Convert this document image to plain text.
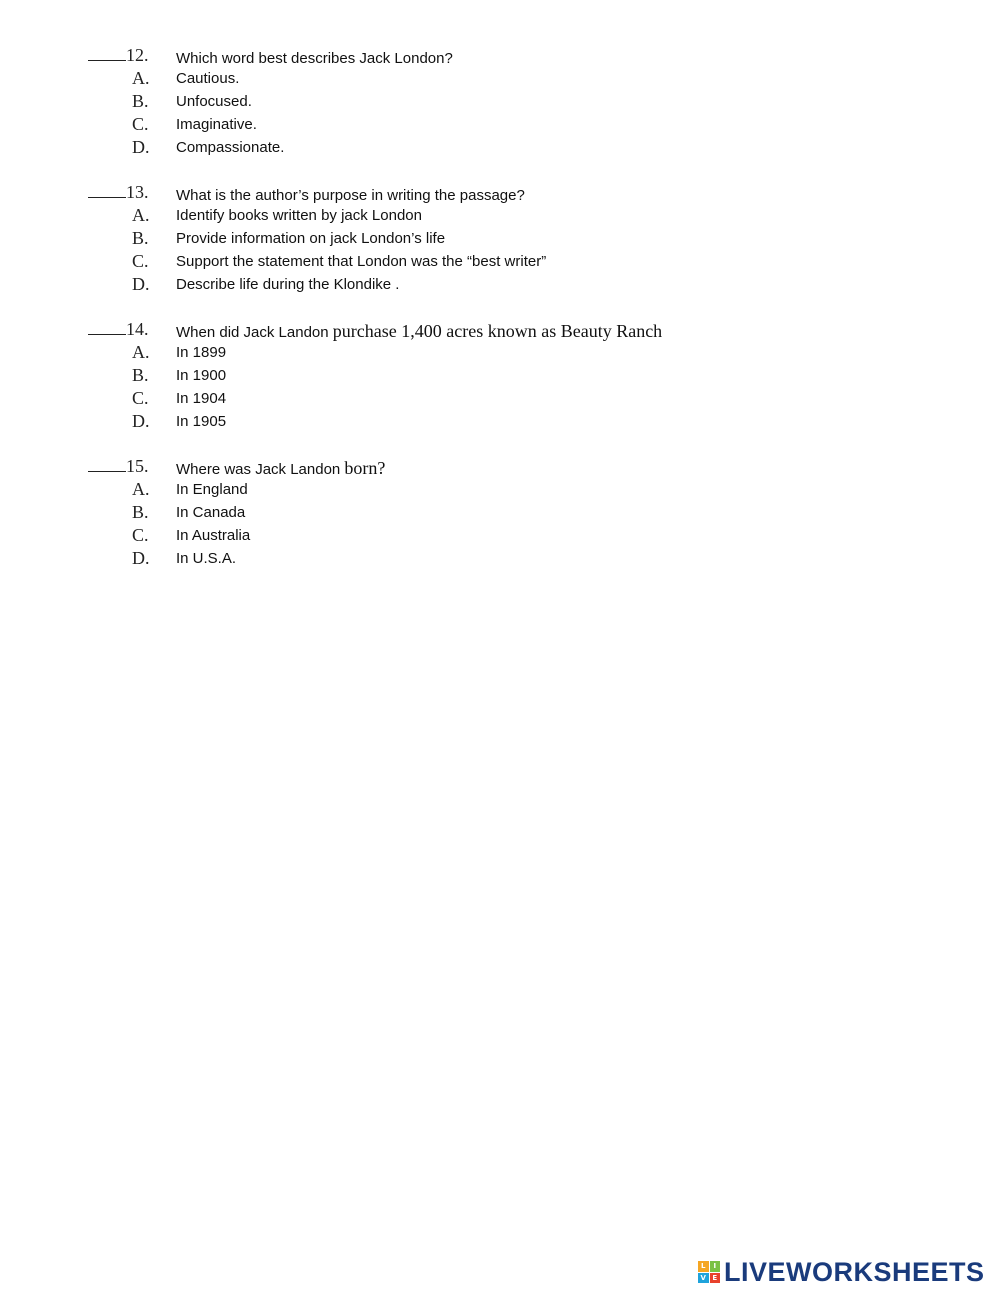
12. Which word best describes Jack London?
A. Cautious.
B. Unfocused.
C. Imaginative.
D. Compassionate.
13. What is the author’s purpose in writing the passage?
A. Identify books written by jack London
B. Provide information on jack London’s life
C. Support the statement that London was the “best writer”
D. Describe life during the Klondike .
14. When did Jack Landon purchase 1,400 acres known as Beauty Ranch
A. In 1899
B. In 1900
C. In 1904
D. In 1905
15. Where was Jack Landon born?
A. In England
B. In Canada
C. In Australia
D. In U.S.A.
L	I
V E LIVEWORKSHEETS
